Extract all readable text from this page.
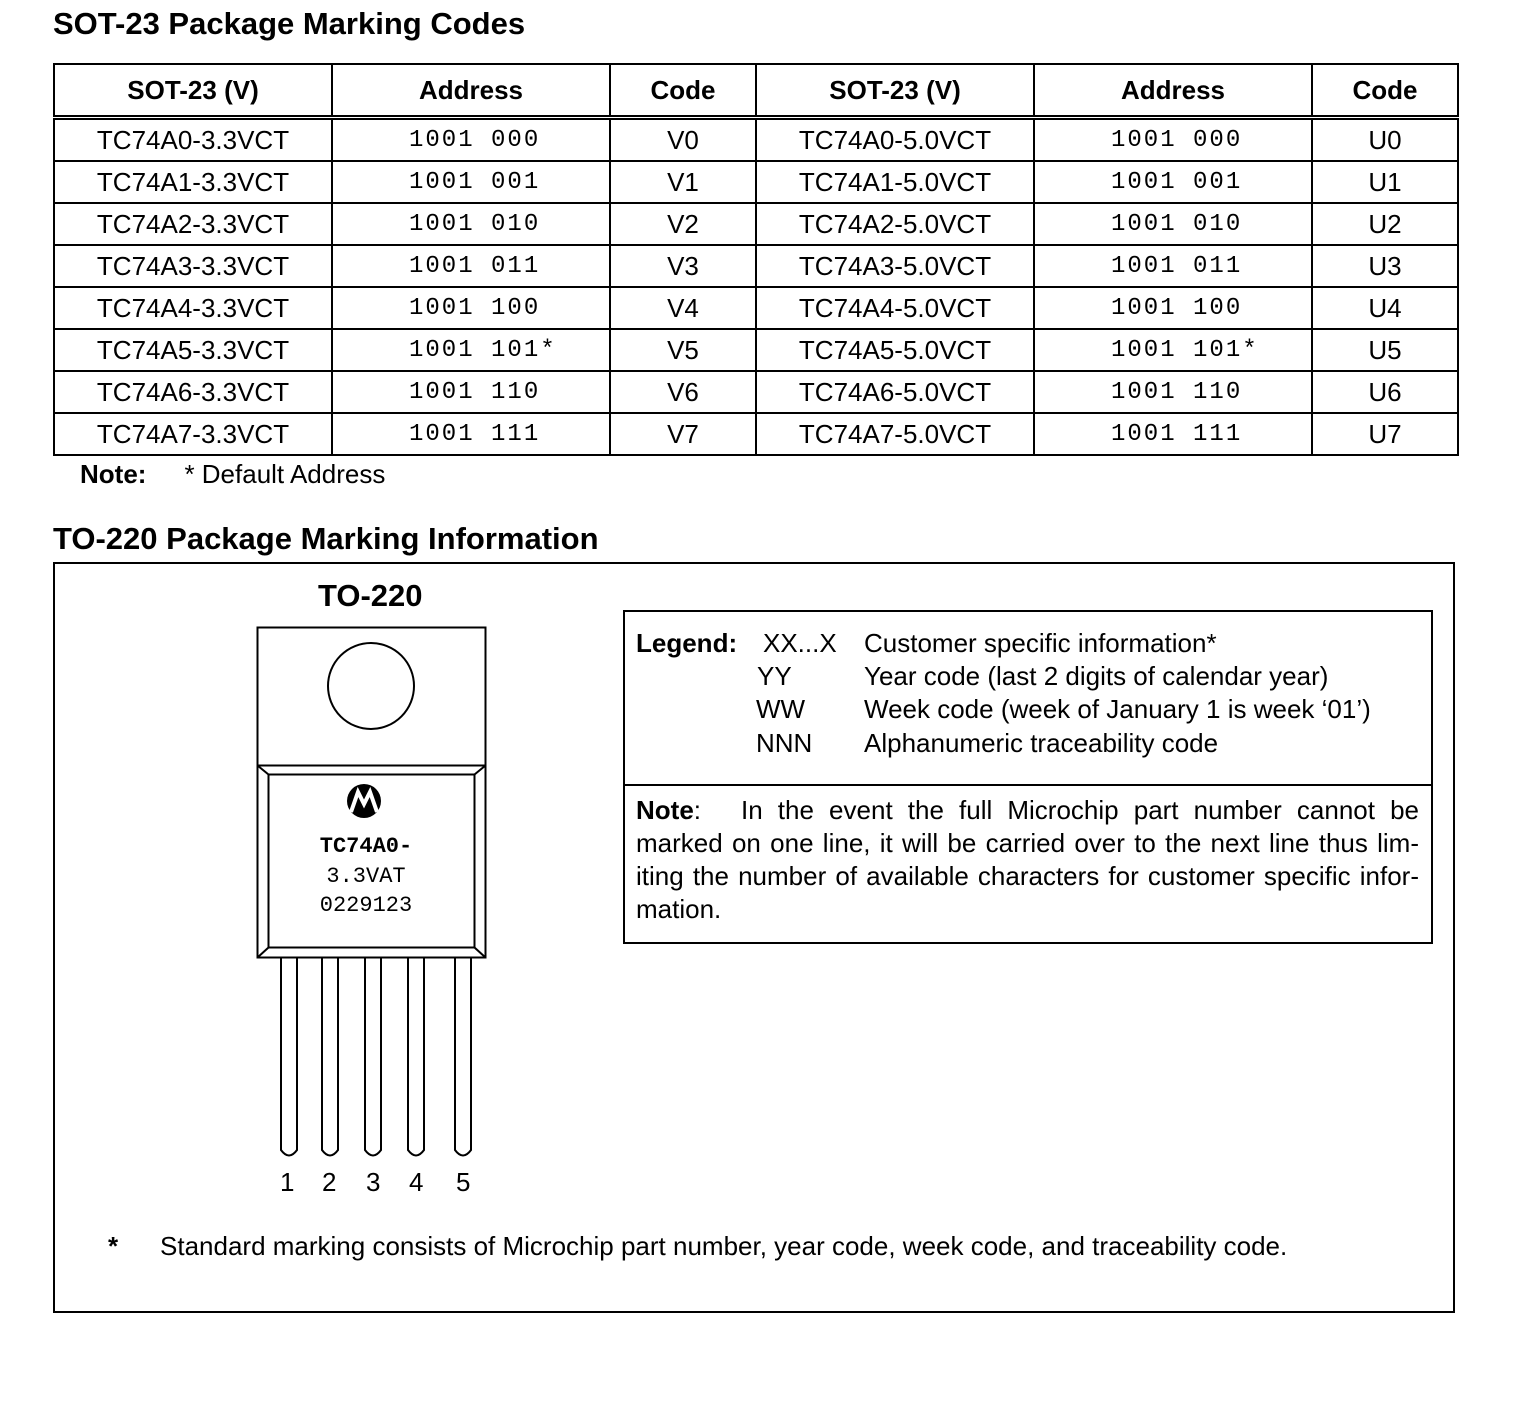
SOT-23 Package Marking Codes
SOT-23 (V)	Address	Code	SOT-23 (V)	Address	Code
TC74A0-3.3VCT	1001 000	V0	TC74A0-5.0VCT	1001 000	U0
TC74A1-3.3VCT	1001 001	V1	TC74A1-5.0VCT	1001 001	U1
TC74A2-3.3VCT	1001 010	V2	TC74A2-5.0VCT	1001 010	U2
TC74A3-3.3VCT	1001 011	V3	TC74A3-5.0VCT	1001 011	U3
TC74A4-3.3VCT	1001 100	V4	TC74A4-5.0VCT	1001 100	U4
TC74A5-3.3VCT	1001 101*	V5	TC74A5-5.0VCT	1001 101*	U5
TC74A6-3.3VCT	1001 110	V6	TC74A6-5.0VCT	1001 110	U6
TC74A7-3.3VCT	1001 111	V7	TC74A7-5.0VCT	1001 111	U7
Note: * Default Address
TO-220 Package Marking Information
TO-220
TC74A0-
3.3VAT
0229123
1 2 3 4 5
Legend: XX...X Customer specific information*
YY	Year code (last 2 digits of calendar year)
WW Week code (week of January 1 is week ‘01’)
NNN Alphanumeric traceability code
Note: In the event the full Microchip part number cannot be marked on one line, it will be carried over to the next line thus lim-iting the number of available characters for customer specific infor-mation.
* Standard marking consists of Microchip part number, year code, week code, and traceability code.
